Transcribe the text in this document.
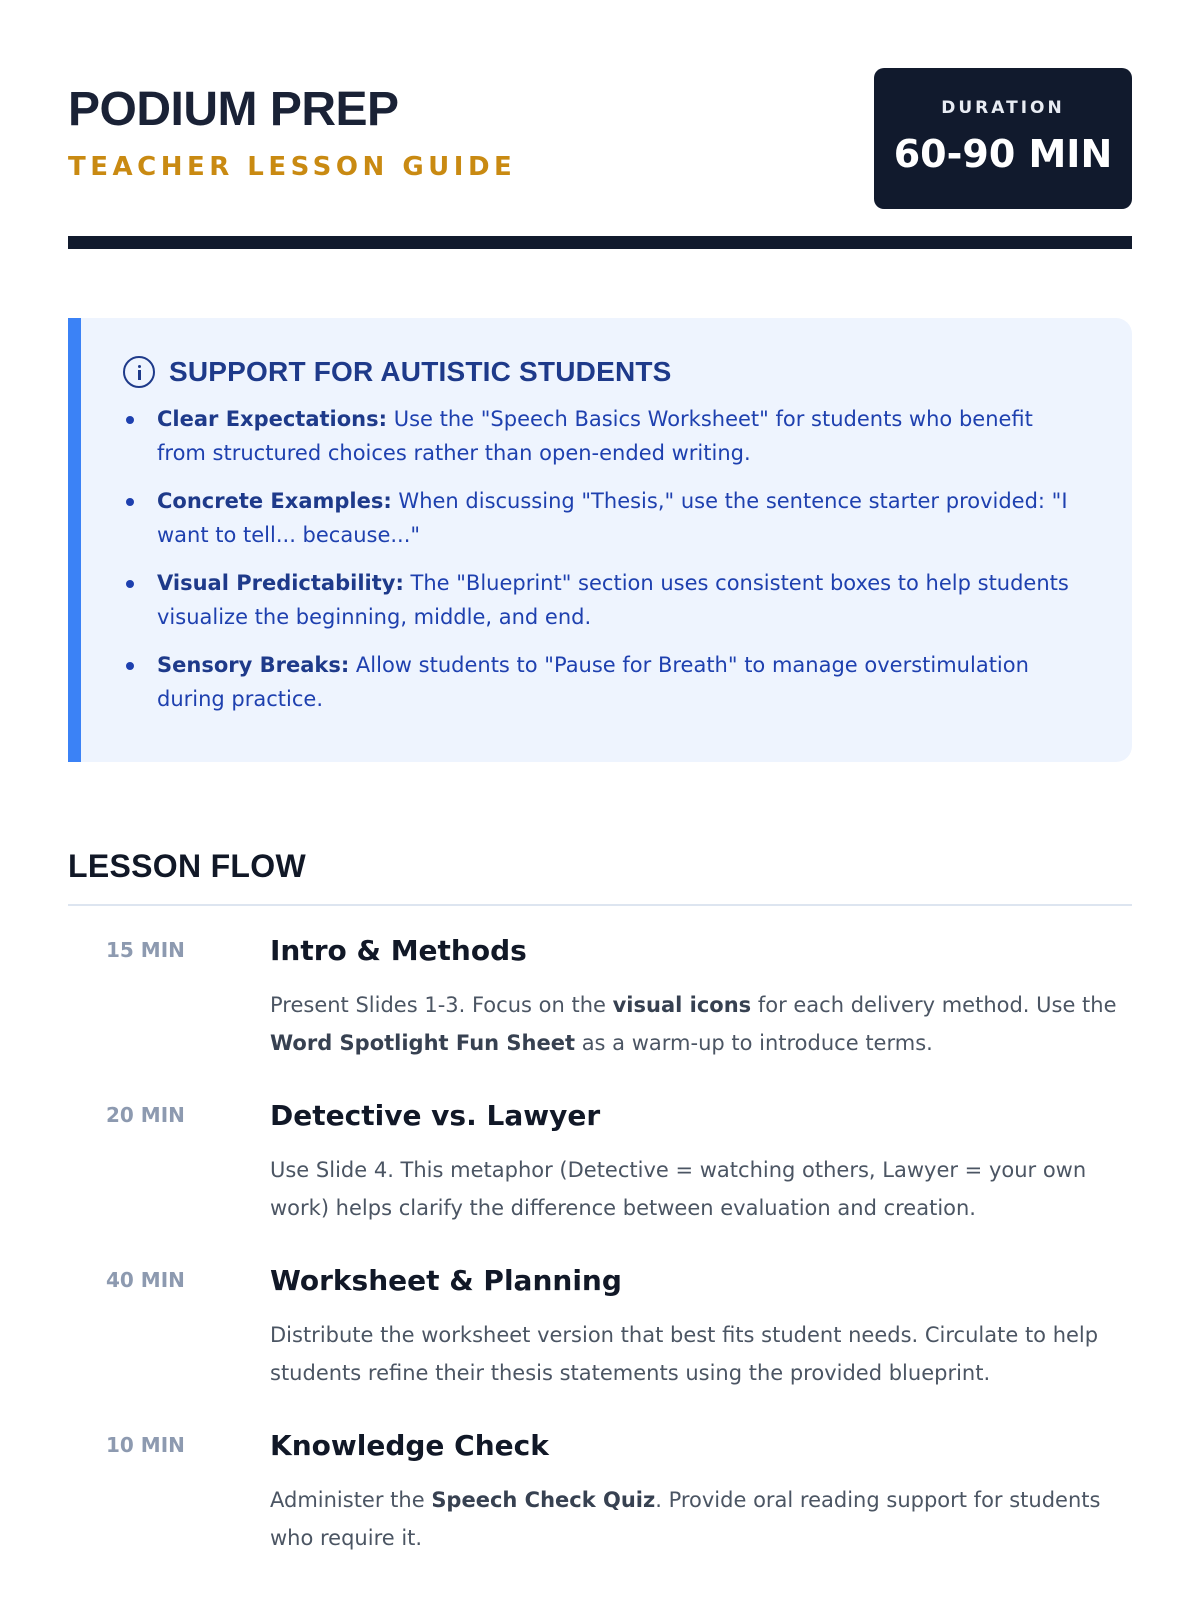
PODIUM PREP
TEACHER LESSON GUIDE
DURATION
60-90 MIN
SUPPORT FOR AUTISTIC STUDENTS
Clear Expectations: Use the "Speech Basics Worksheet" for students who benefit from structured choices rather than open-ended writing.
Concrete Examples: When discussing "Thesis," use the sentence starter provided: "I want to tell... because..."
Visual Predictability: The "Blueprint" section uses consistent boxes to help students visualize the beginning, middle, and end.
Sensory Breaks: Allow students to "Pause for Breath" to manage overstimulation during practice.
LESSON FLOW
15 MIN	Intro & Methods
Present Slides 1-3. Focus on the visual icons for each delivery method. Use the Word Spotlight Fun Sheet as a warm-up to introduce terms.
20 MIN	Detective vs. Lawyer
Use Slide 4. This metaphor (Detective = watching others, Lawyer = your own work) helps clarify the difference between evaluation and creation.
40 MIN	Worksheet & Planning
Distribute the worksheet version that best fits student needs. Circulate to help students refine their thesis statements using the provided blueprint.
10 MIN	Knowledge Check
Administer the Speech Check Quiz. Provide oral reading support for students who require it.
